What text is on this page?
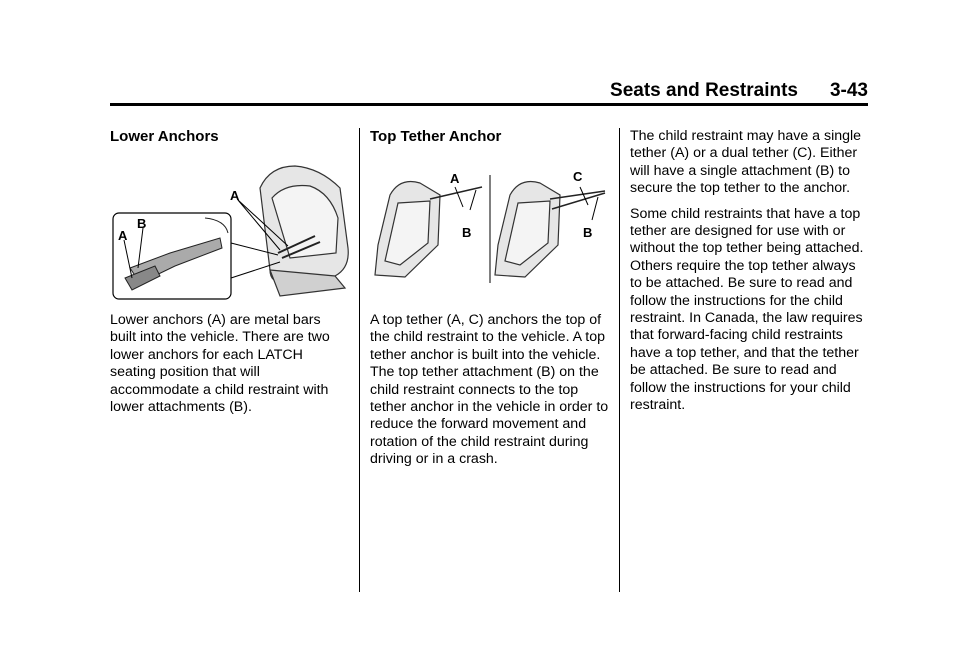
Seats and Restraints 3-43
Lower Anchors

Lower anchors (A) are metal bars built into the vehicle. There are two lower anchors for each LATCH seating position that will accommodate a child restraint with lower attachments (B).

A
B
A
Top Tether Anchor

A top tether (A, C) anchors the top of the child restraint to the vehicle. A top tether anchor is built into the vehicle. The top tether attachment (B) on the child restraint connects to the top tether anchor in the vehicle in order to reduce the forward movement and rotation of the child restraint during driving or in a crash.

A
B
C
B

The child restraint may have a single tether (A) or a dual tether (C). Either will have a single attachment (B) to secure the top tether to the anchor.

Some child restraints that have a top tether are designed for use with or without the top tether being attached. Others require the top tether always to be attached. Be sure to read and follow the instructions for the child restraint. In Canada, the law requires that forward-facing child restraints have a top tether, and that the tether be attached. Be sure to read and follow the instructions for your child restraint.
